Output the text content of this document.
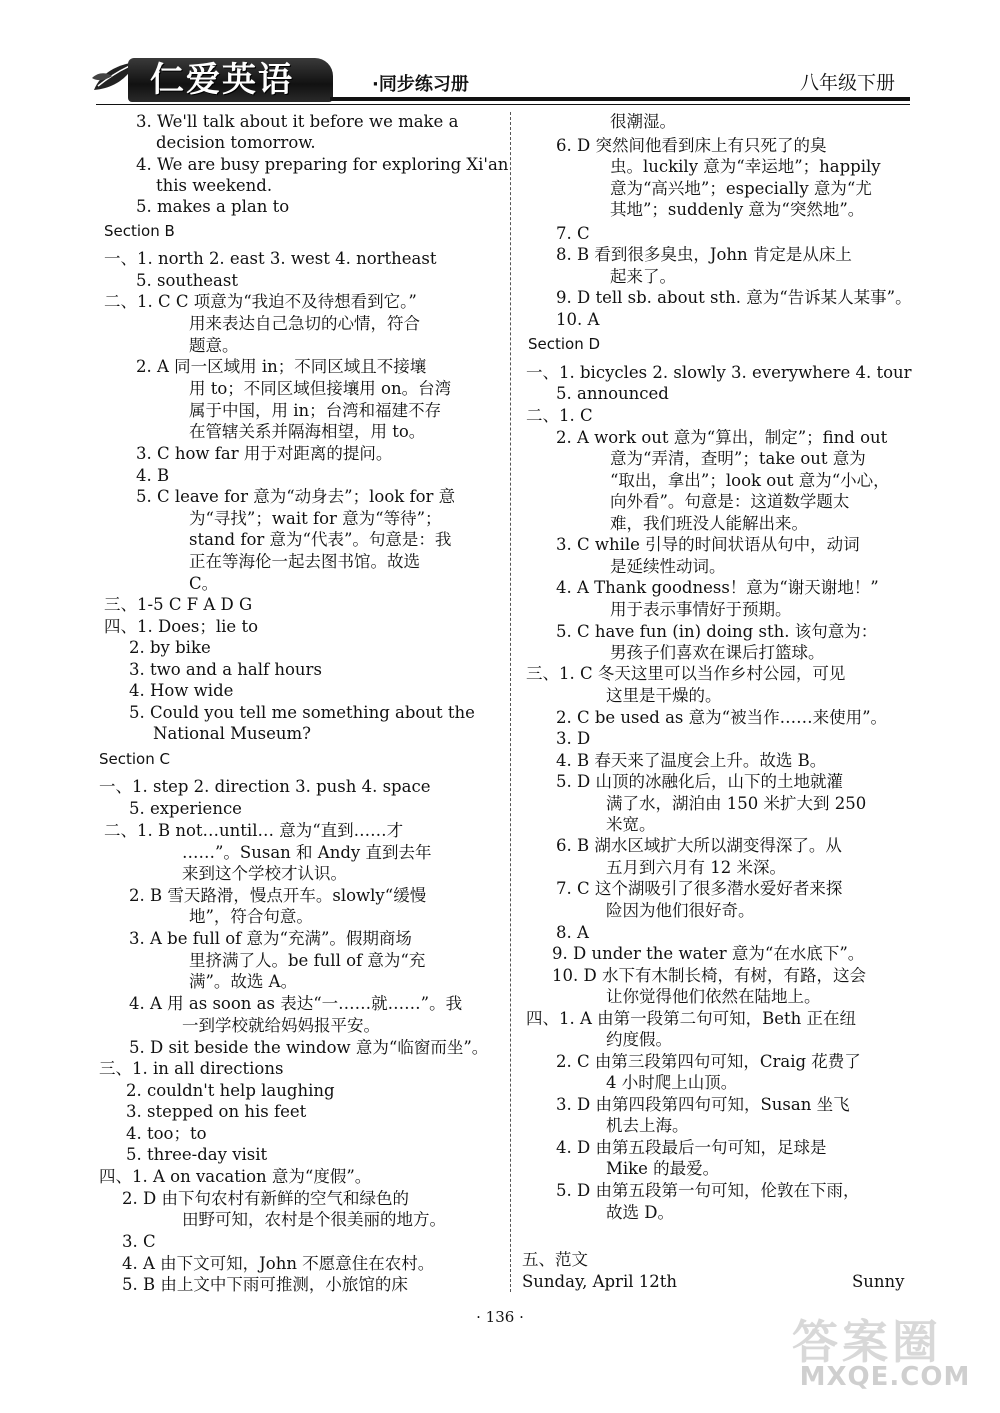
仁爱英语	·同步练习册	八年级下册
3. We'll talk about it before we make a
decision tomorrow.
4. We are busy preparing for exploring Xi'an
this weekend.
5. makes a plan to
Section B
一、1. north 2. east 3. west 4. northeast
5. southeast
二、1. C C 项意为“我迫不及待想看到它。”
用来表达自己急切的心情，符合
题意。
2. A 同一区域用 in；不同区域且不接壤
用 to；不同区域但接壤用 on。台湾
属于中国，用 in；台湾和福建不存
在管辖关系并隔海相望，用 to。
3. C how far 用于对距离的提问。
4. B
5. C leave for 意为“动身去”；look for 意
为“寻找”；wait for 意为“等待”；
stand for 意为“代表”。句意是：我
正在等海伦一起去图书馆。故选
C。
三、1-5 C F A D G
四、1. Does；lie to
2. by bike
3. two and a half hours
4. How wide
5. Could you tell me something about the
National Museum?
Section C
一、1. step 2. direction 3. push 4. space
5. experience
二、1. B not…until… 意为“直到……才
……”。Susan 和 Andy 直到去年
来到这个学校才认识。
2. B 雪天路滑，慢点开车。slowly“缓慢
地”，符合句意。
3. A be full of 意为“充满”。假期商场
里挤满了人。be full of 意为“充
满”。故选 A。
4. A 用 as soon as 表达“一……就……”。我
一到学校就给妈妈报平安。
5. D sit beside the window 意为“临窗而坐”。
三、1. in all directions
2. couldn't help laughing
3. stepped on his feet
4. too；to
5. three-day visit
四、1. A on vacation 意为“度假”。
2. D 由下句农村有新鲜的空气和绿色的
田野可知，农村是个很美丽的地方。
3. C
4. A 由下文可知，John 不愿意住在农村。
5. B 由上文中下雨可推测，小旅馆的床
很潮湿。
6. D 突然间他看到床上有只死了的臭
虫。luckily 意为“幸运地”；happily
意为“高兴地”；especially 意为“尤
其地”；suddenly 意为“突然地”。
7. C
8. B 看到很多臭虫，John 肯定是从床上
起来了。
9. D tell sb. about sth. 意为“告诉某人某事”。
10. A
Section D
一、1. bicycles 2. slowly 3. everywhere 4. tour
5. announced
二、1. C
2. A work out 意为“算出，制定”；find out
意为“弄清，查明”；take out 意为
“取出，拿出”；look out 意为“小心，
向外看”。句意是：这道数学题太
难，我们班没人能解出来。
3. C while 引导的时间状语从句中，动词
是延续性动词。
4. A Thank goodness！意为“谢天谢地！”
用于表示事情好于预期。
5. C have fun (in) doing sth. 该句意为：
男孩子们喜欢在课后打篮球。
三、1. C 冬天这里可以当作乡村公园，可见
这里是干燥的。
2. C be used as 意为“被当作……来使用”。
3. D
4. B 春天来了温度会上升。故选 B。
5. D 山顶的冰融化后，山下的土地就灌
满了水，湖泊由 150 米扩大到 250
米宽。
6. B 湖水区域扩大所以湖变得深了。从
五月到六月有 12 米深。
7. C 这个湖吸引了很多潜水爱好者来探
险因为他们很好奇。
8. A
9. D under the water 意为“在水底下”。
10. D 水下有木制长椅，有树，有路，这会
让你觉得他们依然在陆地上。
四、1. A 由第一段第二句可知，Beth 正在纽
约度假。
2. C 由第三段第四句可知，Craig 花费了
4 小时爬上山顶。
3. D 由第四段第四句可知，Susan 坐飞
机去上海。
4. D 由第五段最后一句可知，足球是
Mike 的最爱。
5. D 由第五段第一句可知，伦敦在下雨，
故选 D。
五、范文
Sunday, April 12th	Sunny
· 136 ·	答案圈
MXQE.COM
